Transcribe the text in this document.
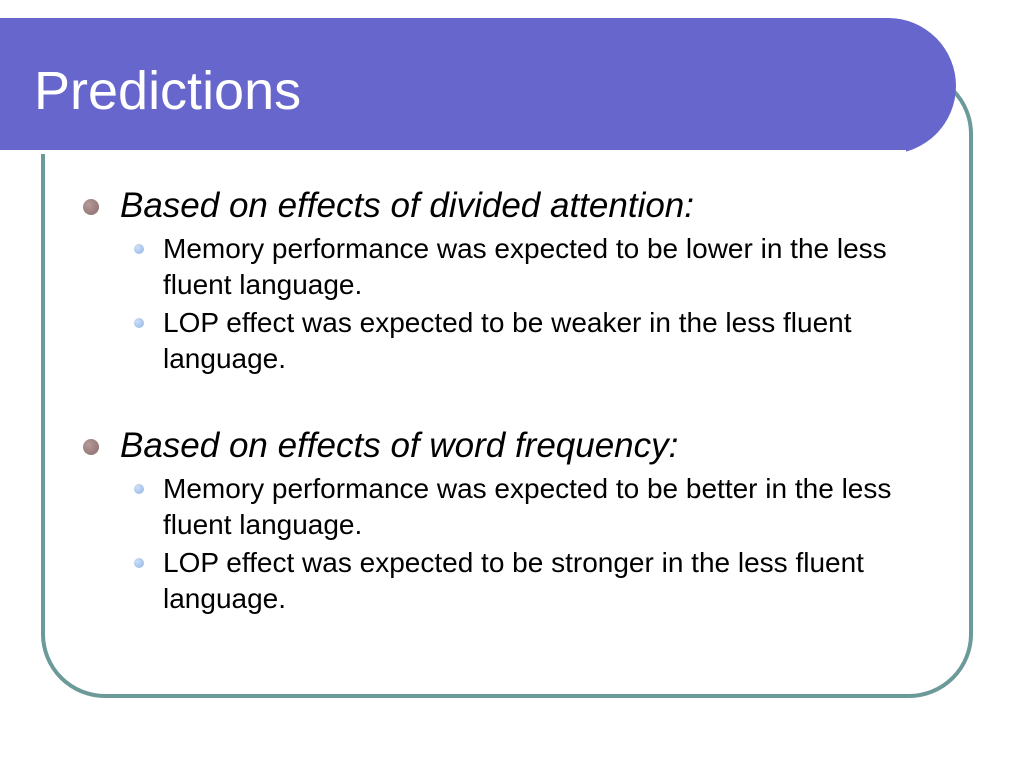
Predictions
Based on effects of divided attention:
Memory performance was expected to be lower in the less fluent language.
LOP effect was expected to be weaker in the less fluent language.
Based on effects of word frequency:
Memory performance was expected to be better in the less fluent language.
LOP effect was expected to be stronger in the less fluent language.
